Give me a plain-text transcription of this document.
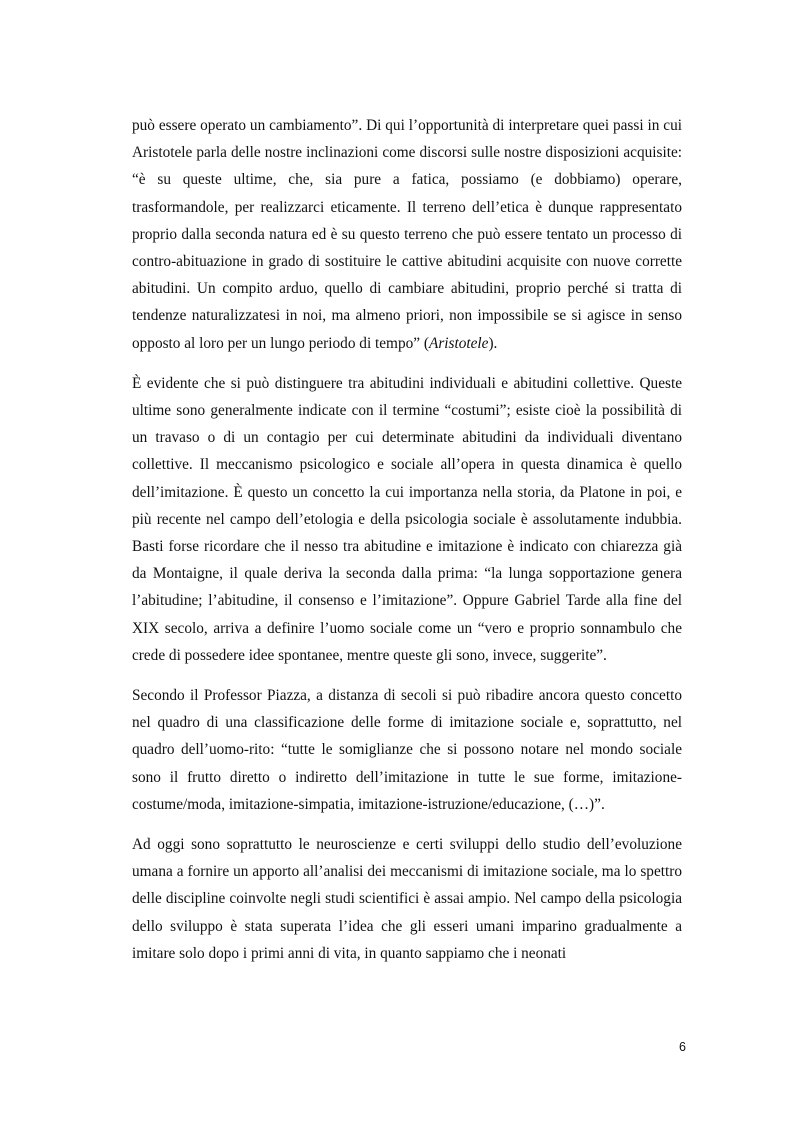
può essere operato un cambiamento”. Di qui l’opportunità di interpretare quei passi in cui Aristotele parla delle nostre inclinazioni come discorsi sulle nostre disposizioni acquisite: “è su queste ultime, che, sia pure a fatica, possiamo (e dobbiamo) operare, trasformandole, per realizzarci eticamente. Il terreno dell’etica è dunque rappresentato proprio dalla seconda natura ed è su questo terreno che può essere tentato un processo di contro-abituazione in grado di sostituire le cattive abitudini acquisite con nuove corrette abitudini. Un compito arduo, quello di cambiare abitudini, proprio perché si tratta di tendenze naturalizzatesi in noi, ma almeno priori, non impossibile se si agisce in senso opposto al loro per un lungo periodo di tempo” (Aristotele).

È evidente che si può distinguere tra abitudini individuali e abitudini collettive. Queste ultime sono generalmente indicate con il termine “costumi”; esiste cioè la possibilità di un travaso o di un contagio per cui determinate abitudini da individuali diventano collettive. Il meccanismo psicologico e sociale all’opera in questa dinamica è quello dell’imitazione. È questo un concetto la cui importanza nella storia, da Platone in poi, e più recente nel campo dell’etologia e della psicologia sociale è assolutamente indubbia. Basti forse ricordare che il nesso tra abitudine e imitazione è indicato con chiarezza già da Montaigne, il quale deriva la seconda dalla prima: “la lunga sopportazione genera l’abitudine; l’abitudine, il consenso e l’imitazione”. Oppure Gabriel Tarde alla fine del XIX secolo, arriva a definire l’uomo sociale come un “vero e proprio sonnambulo che crede di possedere idee spontanee, mentre queste gli sono, invece, suggerite”.

Secondo il Professor Piazza, a distanza di secoli si può ribadire ancora questo concetto nel quadro di una classificazione delle forme di imitazione sociale e, soprattutto, nel quadro dell’uomo-rito: “tutte le somiglianze che si possono notare nel mondo sociale sono il frutto diretto o indiretto dell’imitazione in tutte le sue forme, imitazione-costume/moda, imitazione-simpatia, imitazione-istruzione/educazione, (…)”.

Ad oggi sono soprattutto le neuroscienze e certi sviluppi dello studio dell’evoluzione umana a fornire un apporto all’analisi dei meccanismi di imitazione sociale, ma lo spettro delle discipline coinvolte negli studi scientifici è assai ampio. Nel campo della psicologia dello sviluppo è stata superata l’idea che gli esseri umani imparino gradualmente a imitare solo dopo i primi anni di vita, in quanto sappiamo che i neonati

6
